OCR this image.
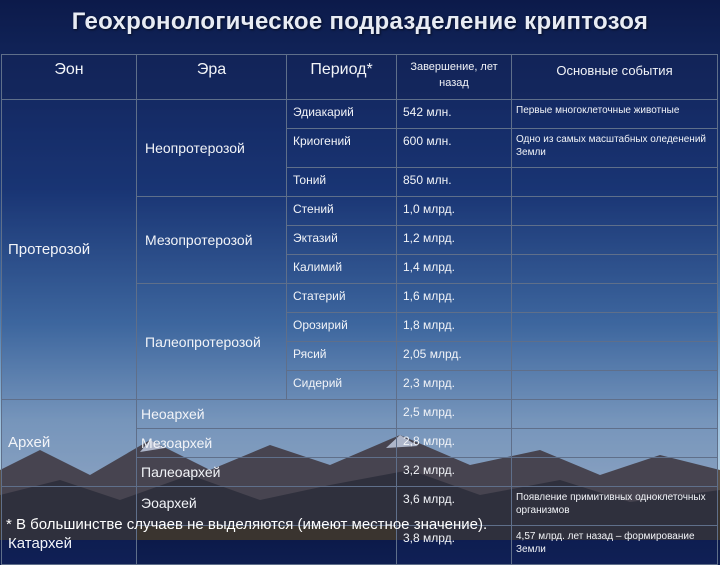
Геохронологическое подразделение криптозоя
Эон	Эра	Период*	Завершение, лет назад	Основные события
Протерозой	Неопротерозой	Эдиакарий	542 млн.	Первые многоклеточные животные
		Криогений	600 млн.	Одно из самых масштабных оледенений Земли
		Тоний	850 млн.	
	Мезопротерозой	Стений	1,0 млрд.	
		Эктазий	1,2 млрд.	
		Калимий	1,4 млрд.	
	Палеопротерозой	Статерий	1,6 млрд.	
		Орозирий	1,8 млрд.	
		Рясий	2,05 млрд.	
		Сидерий	2,3 млрд.	
Архей	Неоархей		2,5 млрд.	
	Мезоархей		2,8 млрд.	
	Палеоархей		3,2 млрд.	
Катархей	Эоархей		3,6 млрд.	Появление примитивных одноклеточных организмов
			3,8 млрд.	4,57 млрд. лет назад – формирование Земли
* В большинстве случаев не выделяются (имеют местное значение).
